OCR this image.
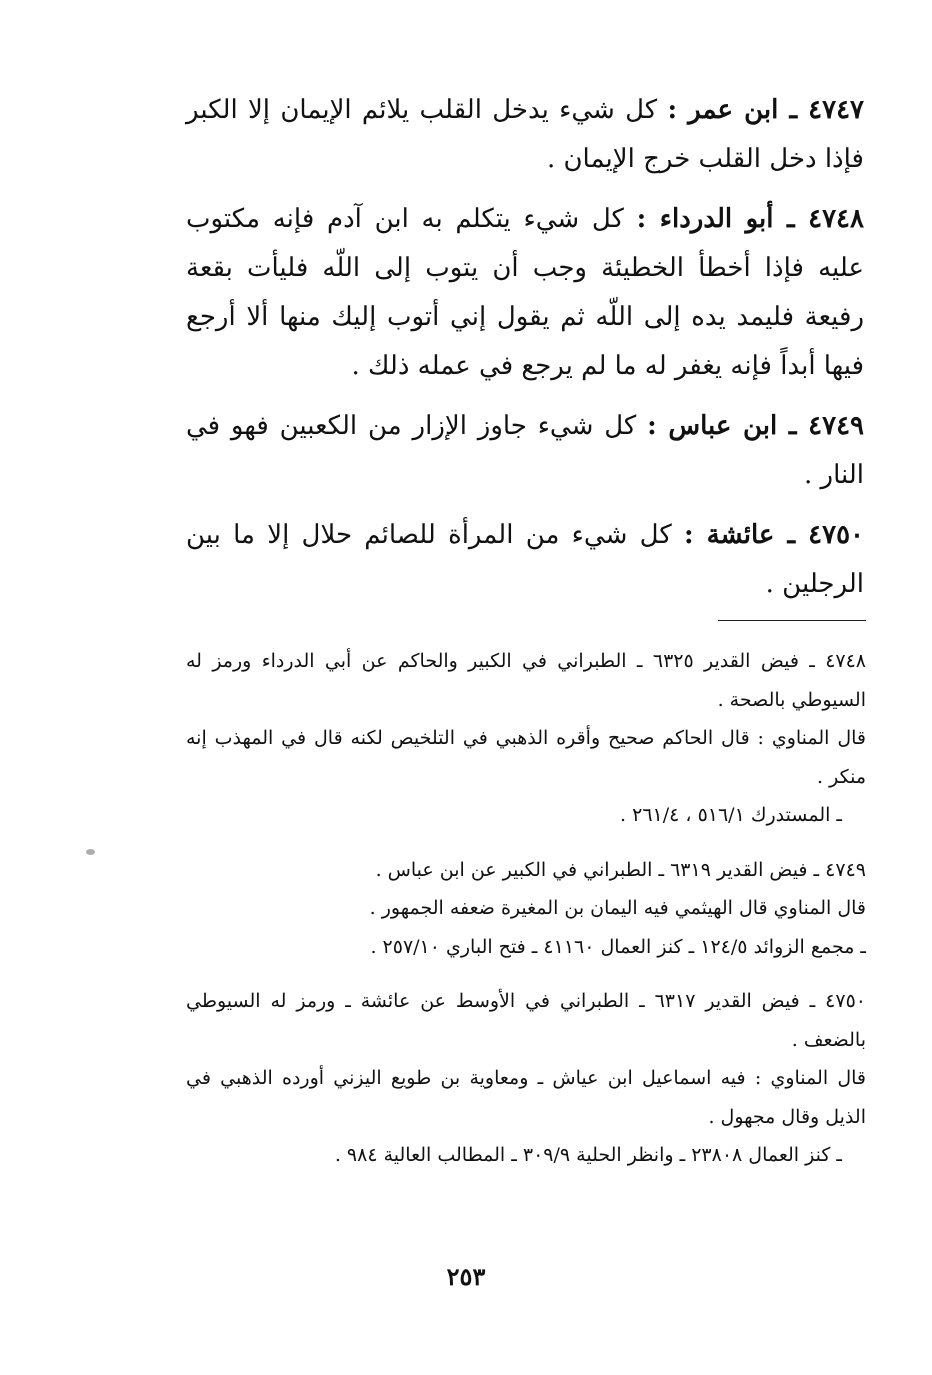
٤٧٤٧ ـ ابن عمر : كل شيء يدخل القلب يلائم الإيمان إلا الكبر فإذا دخل القلب خرج الإيمان .

٤٧٤٨ ـ أبو الدرداء : كل شيء يتكلم به ابن آدم فإنه مكتوب عليه فإذا أخطأ الخطيئة وجب أن يتوب إلى اللّه فليأت بقعة رفيعة فليمد يده إلى اللّه ثم يقول إني أتوب إليك منها ألا أرجع فيها أبداً فإنه يغفر له ما لم يرجع في عمله ذلك .

٤٧٤٩ ـ ابن عباس : كل شيء جاوز الإزار من الكعبين فهو في النار .

٤٧٥٠ ـ عائشة : كل شيء من المرأة للصائم حلال إلا ما بين الرجلين .

٤٧٤٨ ـ فيض القدير ٦٣٢٥ ـ الطبراني في الكبير والحاكم عن أبي الدرداء ورمز له السيوطي بالصحة .

قال المناوي : قال الحاكم صحيح وأقره الذهبي في التلخيص لكنه قال في المهذب إنه منكر .

ـ المستدرك ٥١٦/١ ، ٢٦١/٤ .

٤٧٤٩ ـ فيض القدير ٦٣١٩ ـ الطبراني في الكبير عن ابن عباس .

قال المناوي قال الهيثمي فيه اليمان بن المغيرة ضعفه الجمهور .

ـ مجمع الزوائد ١٢٤/٥ ـ كنز العمال ٤١١٦٠ ـ فتح الباري ٢٥٧/١٠ .

٤٧٥٠ ـ فيض القدير ٦٣١٧ ـ الطبراني في الأوسط عن عائشة ـ ورمز له السيوطي بالضعف .

قال المناوي : فيه اسماعيل ابن عياش ـ ومعاوية بن طويع اليزني أورده الذهبي في الذيل وقال مجهول .

ـ كنز العمال ٢٣٨٠٨ ـ وانظر الحلية ٣٠٩/٩ ـ المطالب العالية ٩٨٤ .

٢٥٣
